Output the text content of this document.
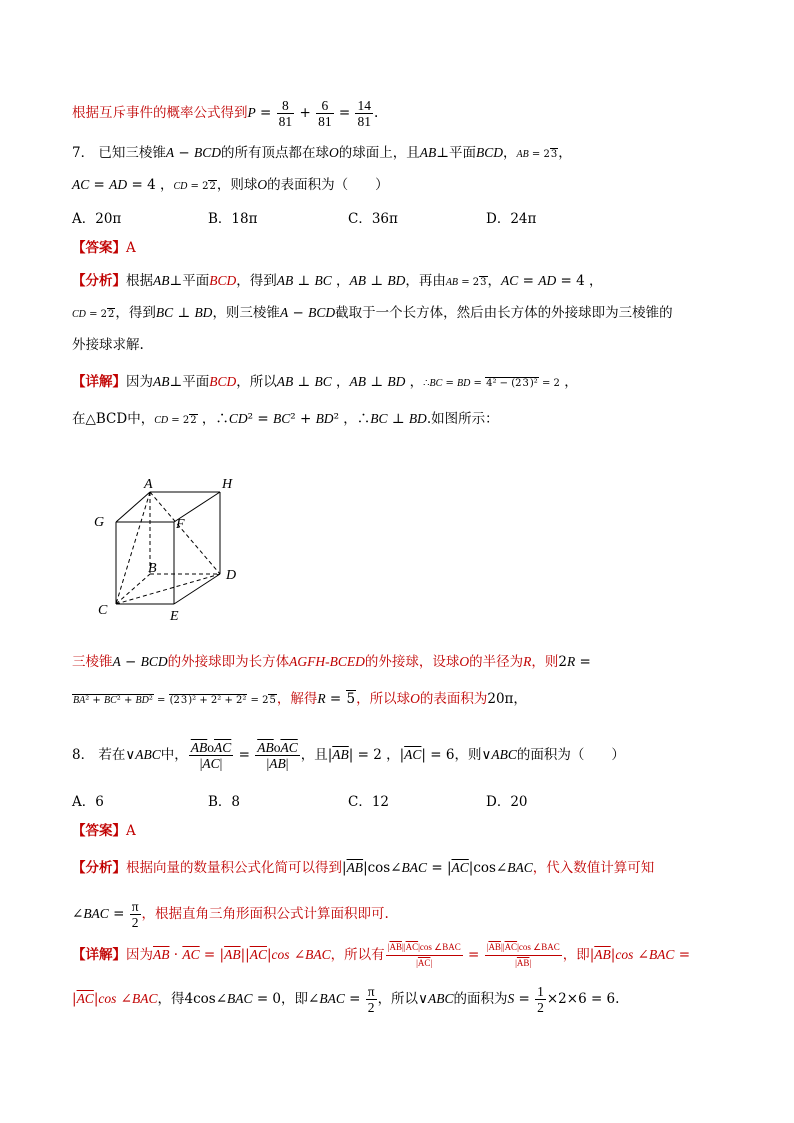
根据互斥事件的概率公式得到$P = \frac{8}{81} + \frac{6}{81} = \frac{14}{81}$ .
7． 已知三棱锥A − BCD的所有顶点都在球O的球面上，且AB⊥平面BCD，AB = 23，
AC = AD = 4 ，CD = 22，则球O的表面积为（　　）
A．20π	B．18π	C．36π	D．24π
【答案】A
【分析】根据AB⊥平面BCD，得到AB ⊥ BC ，AB ⊥ BD，再由AB = 23，AC = AD = 4 ，
CD = 22，得到BC ⊥ BD，则三棱锥A − BCD截取于一个长方体，然后由长方体的外接球即为三棱锥的
外接球求解.
【详解】因为AB⊥平面BCD，所以AB ⊥ BC ，AB ⊥ BD ，∴BC = BD = 4² − (23)² = 2 ，
在△BCD中，CD = 22 ，∴CD² = BC² + BD² ，∴BC ⊥ BD.如图所示：
A	H
G	F
B	D
C	E
三棱锥A − BCD的外接球即为长方体AGFH-BCED的外接球，设球O的半径为R，则2R =
BA² + BC² + BD² = (23)² + 2² + 2² = 25，解得R = 5，所以球O的表面积为20π，
8． 若在∨ABC中， $\frac{\overline{AB}o\overline{AC}}{|\overline{AC}|} = \frac{\overline{AB}o\overline{AC}}{|\overline{AB}|}$ ，且$|\overline{AB}| = 2$ ，$|\overline{AC}| = 6$，则∨ABC的面积为（　　）
A．6	B．8	C．12	D．20
【答案】A
【分析】根据向量的数量积公式化简可以得到$|\overline{AB}|\cos\angle BAC$ = $|\overline{AC}|\cos\angle BAC$，代入数值计算可知
∠BAC = $\frac{\pi}{2}$ ，根据直角三角形面积公式计算面积即可.
【详解】因为$\overline{AB} \cdot \overline{AC} = |\overline{AB}||\overline{AC}|\cos$ ∠BAC，所以有 $\frac{|\overline{AB}||\overline{AC}|\cos \angle BAC}{|\overline{AC}|} = \frac{|\overline{AB}||\overline{AC}|\cos \angle BAC}{|\overline{AB}|}$ ，即$|\overline{AB}|\cos$ ∠BAC =
$|\overline{AC}|\cos$ ∠BAC，得4cos∠BAC = 0，即∠BAC = $\frac{\pi}{2}$ ，所以∨ABC的面积为$S = \frac{1}{2} \times 2\times 6 = 6$.
